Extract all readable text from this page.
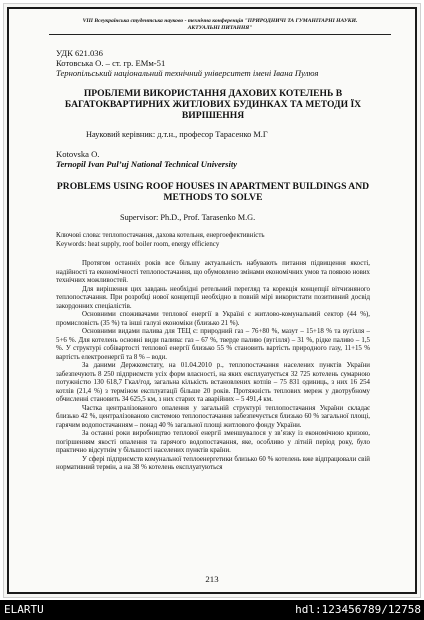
VIII Всеукраїнська студентська науково - технічна конференція "ПРИРОДНИЧІ ТА ГУМАНІТАРНІ НАУКИ.
АКТУАЛЬНІ ПИТАННЯ"
УДК 621.036
Котовська О. – ст. гр. ЕМм-51
Тернопільський національний технічний університет імені Івана Пулюя
ПРОБЛЕМИ ВИКОРИСТАННЯ ДАХОВИХ КОТЕЛЕНЬ В БАГАТОКВАРТИРНИХ ЖИТЛОВИХ БУДИНКАХ ТА МЕТОДИ ЇХ ВИРІШЕННЯ
Науковий керівник: д.т.н., професор Тарасенко М.Г
Kotovska O.
Ternopil Ivan Pul’uj National Technical University
PROBLEMS USING ROOF HOUSES IN APARTMENT BUILDINGS AND METHODS TO SOLVE
Supervisor: Ph.D., Prof. Tarasenko M.G.
Ключові слова: теплопостачання, дахова котельня, енергоефективність
Keywords: heat supply, roof boiler room, energy efficiency

Протягом останніх років все більшу актуальність набувають питання підвищення якості, надійності та економічності теплопостачання, що обумовлено змінами економічних умов та появою нових технічних можливостей.

Для вирішення цих завдань необхідні ретельний перегляд та корекція концепції вітчизняного теплопостачання. При розробці нової концепції необхідно в повній мірі використати позитивний досвід закордонних спеціалістів.

Основними споживачами теплової енергії в Україні є житлово-комунальний сектор (44 %), промисловість (35 %) та інші галузі економіки (близько 21 %).

Основними видами палива для ТЕЦ є: природний газ – 76+80 %, мазут – 15+18 % та вугілля – 5+6 %. Для котелень основні види палива: газ – 67 %, тверде паливо (вугілля) – 31 %, рідке паливо – 1,5 %. У структурі собівартості теплової енергії близько 55 % становить вартість природного газу, 11+15 % вартість електроенергії та 8 % – води.

За даними Держкомстату, на 01.04.2010 р., теплопостачання населених пунктів України забезпечують 8 250 підприємств усіх форм власності, на яких експлуатується 32 725 котелень сумарною потужністю 130 618,7 Гкал/год, загальна кількість встановлених котлів – 75 831 одиниць, з них 16 254 котлів (21,4 %) з терміном експлуатації більше 20 років. Протяжність теплових мереж у двотрубному обчисленні становить 34 625,5 км, з них старих та аварійних – 5 491,4 км.

Частка централізованого опалення у загальній структурі теплопостачання України складає близько 42 %, централізованою системою теплопостачання забезпечується близько 60 % загальної площі, гарячим водопостачанням – понад 40 % загальної площі житлового фонду України.

За останні роки виробництво теплової енергії зменшувалося у зв’язку із економічною кризою, погіршенням якості опалення та гарячого водопостачання, яке, особливо у літній період року, було практично відсутнім у більшості населених пунктів країни.

У сфері підприємств комунальної теплоенергетики близько 60 % котелень вже відпрацювали свій нормативний термін, а на 38 % котелень експлуатуються

213
ELARTU	hdl:123456789/12758
